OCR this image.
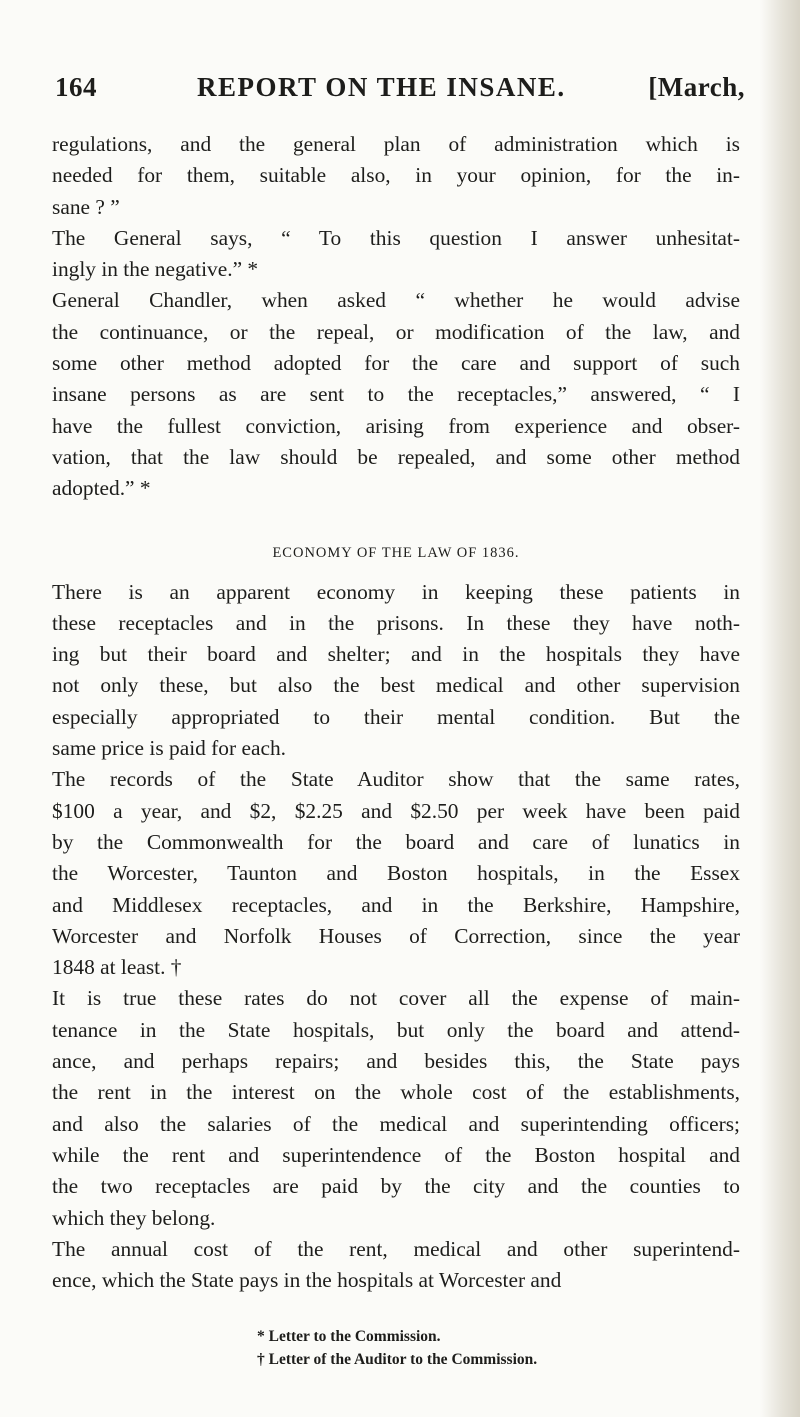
164	REPORT ON THE INSANE.	[March,

regulations, and the general plan of administration which is

needed for them, suitable also, in your opinion, for the in-

sane ? ”

The General says, “ To this question I answer unhesitat-

ingly in the negative.” *

General Chandler, when asked “ whether he would advise

the continuance, or the repeal, or modification of the law, and

some other method adopted for the care and support of such

insane persons as are sent to the receptacles,” answered, “ I

have the fullest conviction, arising from experience and obser-

vation, that the law should be repealed, and some other method

adopted.” *

ECONOMY OF THE LAW OF 1836.

There is an apparent economy in keeping these patients in

these receptacles and in the prisons. In these they have noth-

ing but their board and shelter; and in the hospitals they have

not only these, but also the best medical and other supervision

especially appropriated to their mental condition. But the

same price is paid for each.

The records of the State Auditor show that the same rates,

$100 a year, and $2, $2.25 and $2.50 per week have been paid

by the Commonwealth for the board and care of lunatics in

the Worcester, Taunton and Boston hospitals, in the Essex

and Middlesex receptacles, and in the Berkshire, Hampshire,

Worcester and Norfolk Houses of Correction, since the year

1848 at least. †

It is true these rates do not cover all the expense of main-

tenance in the State hospitals, but only the board and attend-

ance, and perhaps repairs; and besides this, the State pays

the rent in the interest on the whole cost of the establishments,

and also the salaries of the medical and superintending officers;

while the rent and superintendence of the Boston hospital and

the two receptacles are paid by the city and the counties to

which they belong.

The annual cost of the rent, medical and other superintend-

ence, which the State pays in the hospitals at Worcester and

* Letter to the Commission.
† Letter of the Auditor to the Commission.
